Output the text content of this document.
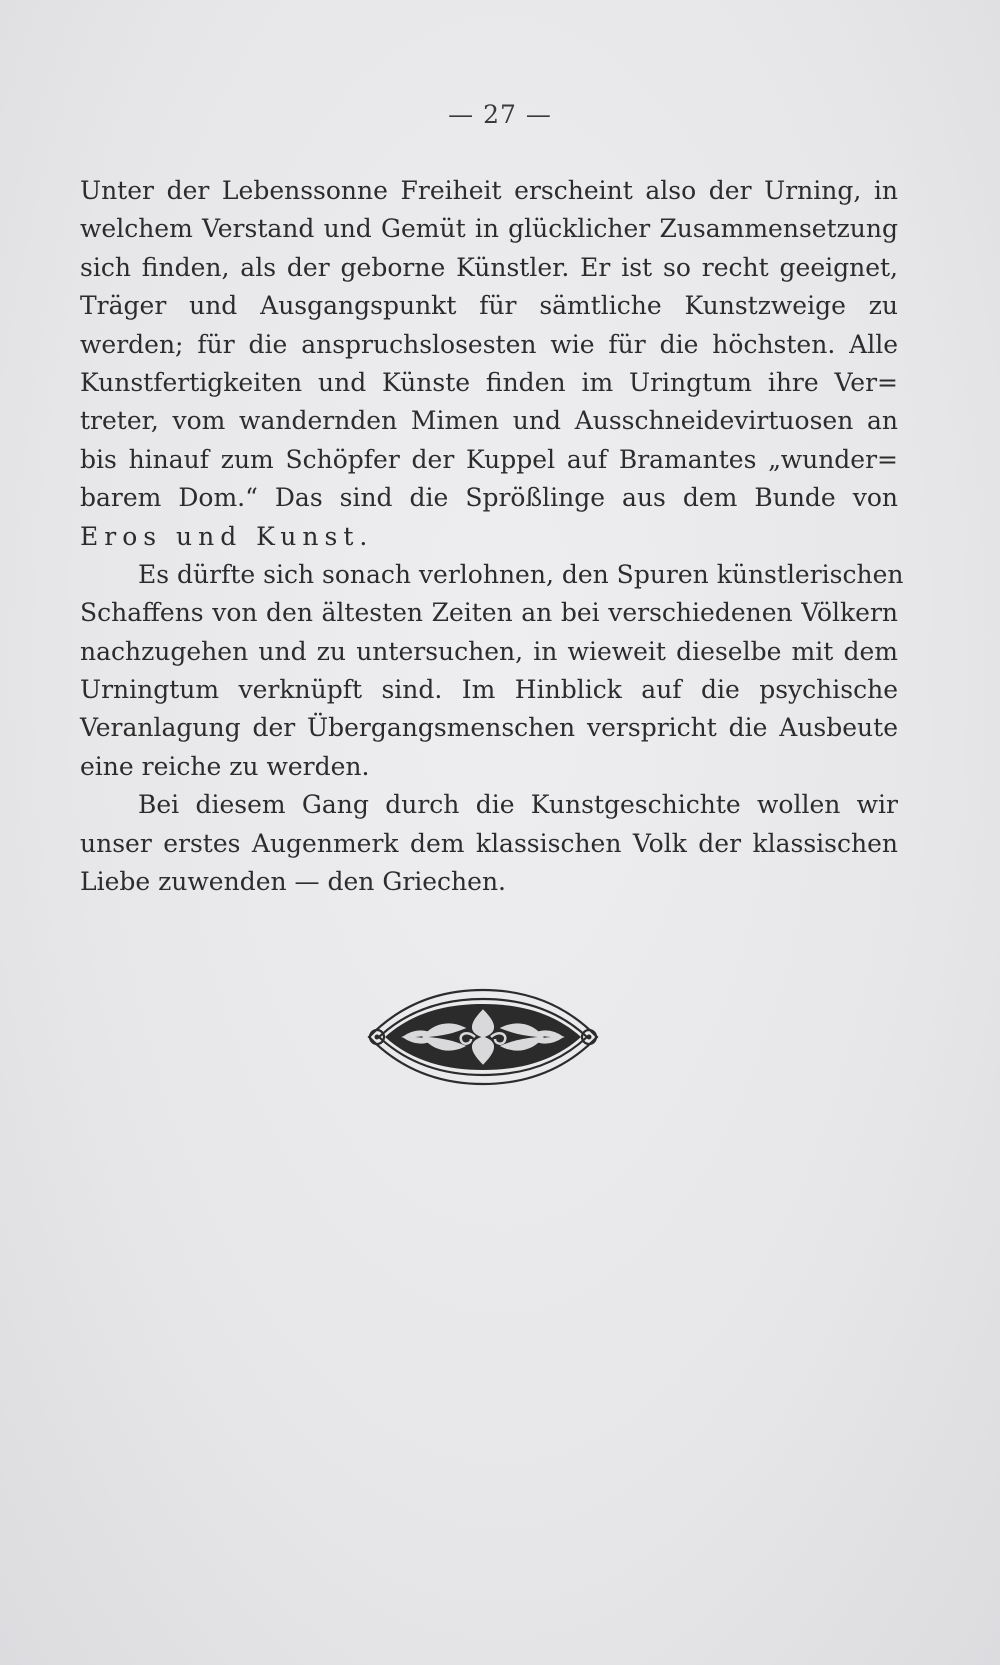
— 27 —
Unter der Lebenssonne Freiheit erscheint also der Urning, in
welchem Verstand und Gemüt in glücklicher Zusammensetzung
sich finden, als der geborne Künstler. Er ist so recht geeignet,
Träger und Ausgangspunkt für sämtliche Kunstzweige zu
werden; für die anspruchslosesten wie für die höchsten. Alle
Kunstfertigkeiten und Künste finden im Uringtum ihre Ver=
treter, vom wandernden Mimen und Ausschneidevirtuosen an
bis hinauf zum Schöpfer der Kuppel auf Bramantes „wunder=
barem Dom.“ Das sind die Sprößlinge aus dem Bunde von
Eros und Kunst.
Es dürfte sich sonach verlohnen, den Spuren künstlerischen
Schaffens von den ältesten Zeiten an bei verschiedenen Völkern
nachzugehen und zu untersuchen, in wieweit dieselbe mit dem
Urningtum verknüpft sind. Im Hinblick auf die psychische
Veranlagung der Übergangsmenschen verspricht die Ausbeute
eine reiche zu werden.
Bei diesem Gang durch die Kunstgeschichte wollen wir
unser erstes Augenmerk dem klassischen Volk der klassischen
Liebe zuwenden — den Griechen.
